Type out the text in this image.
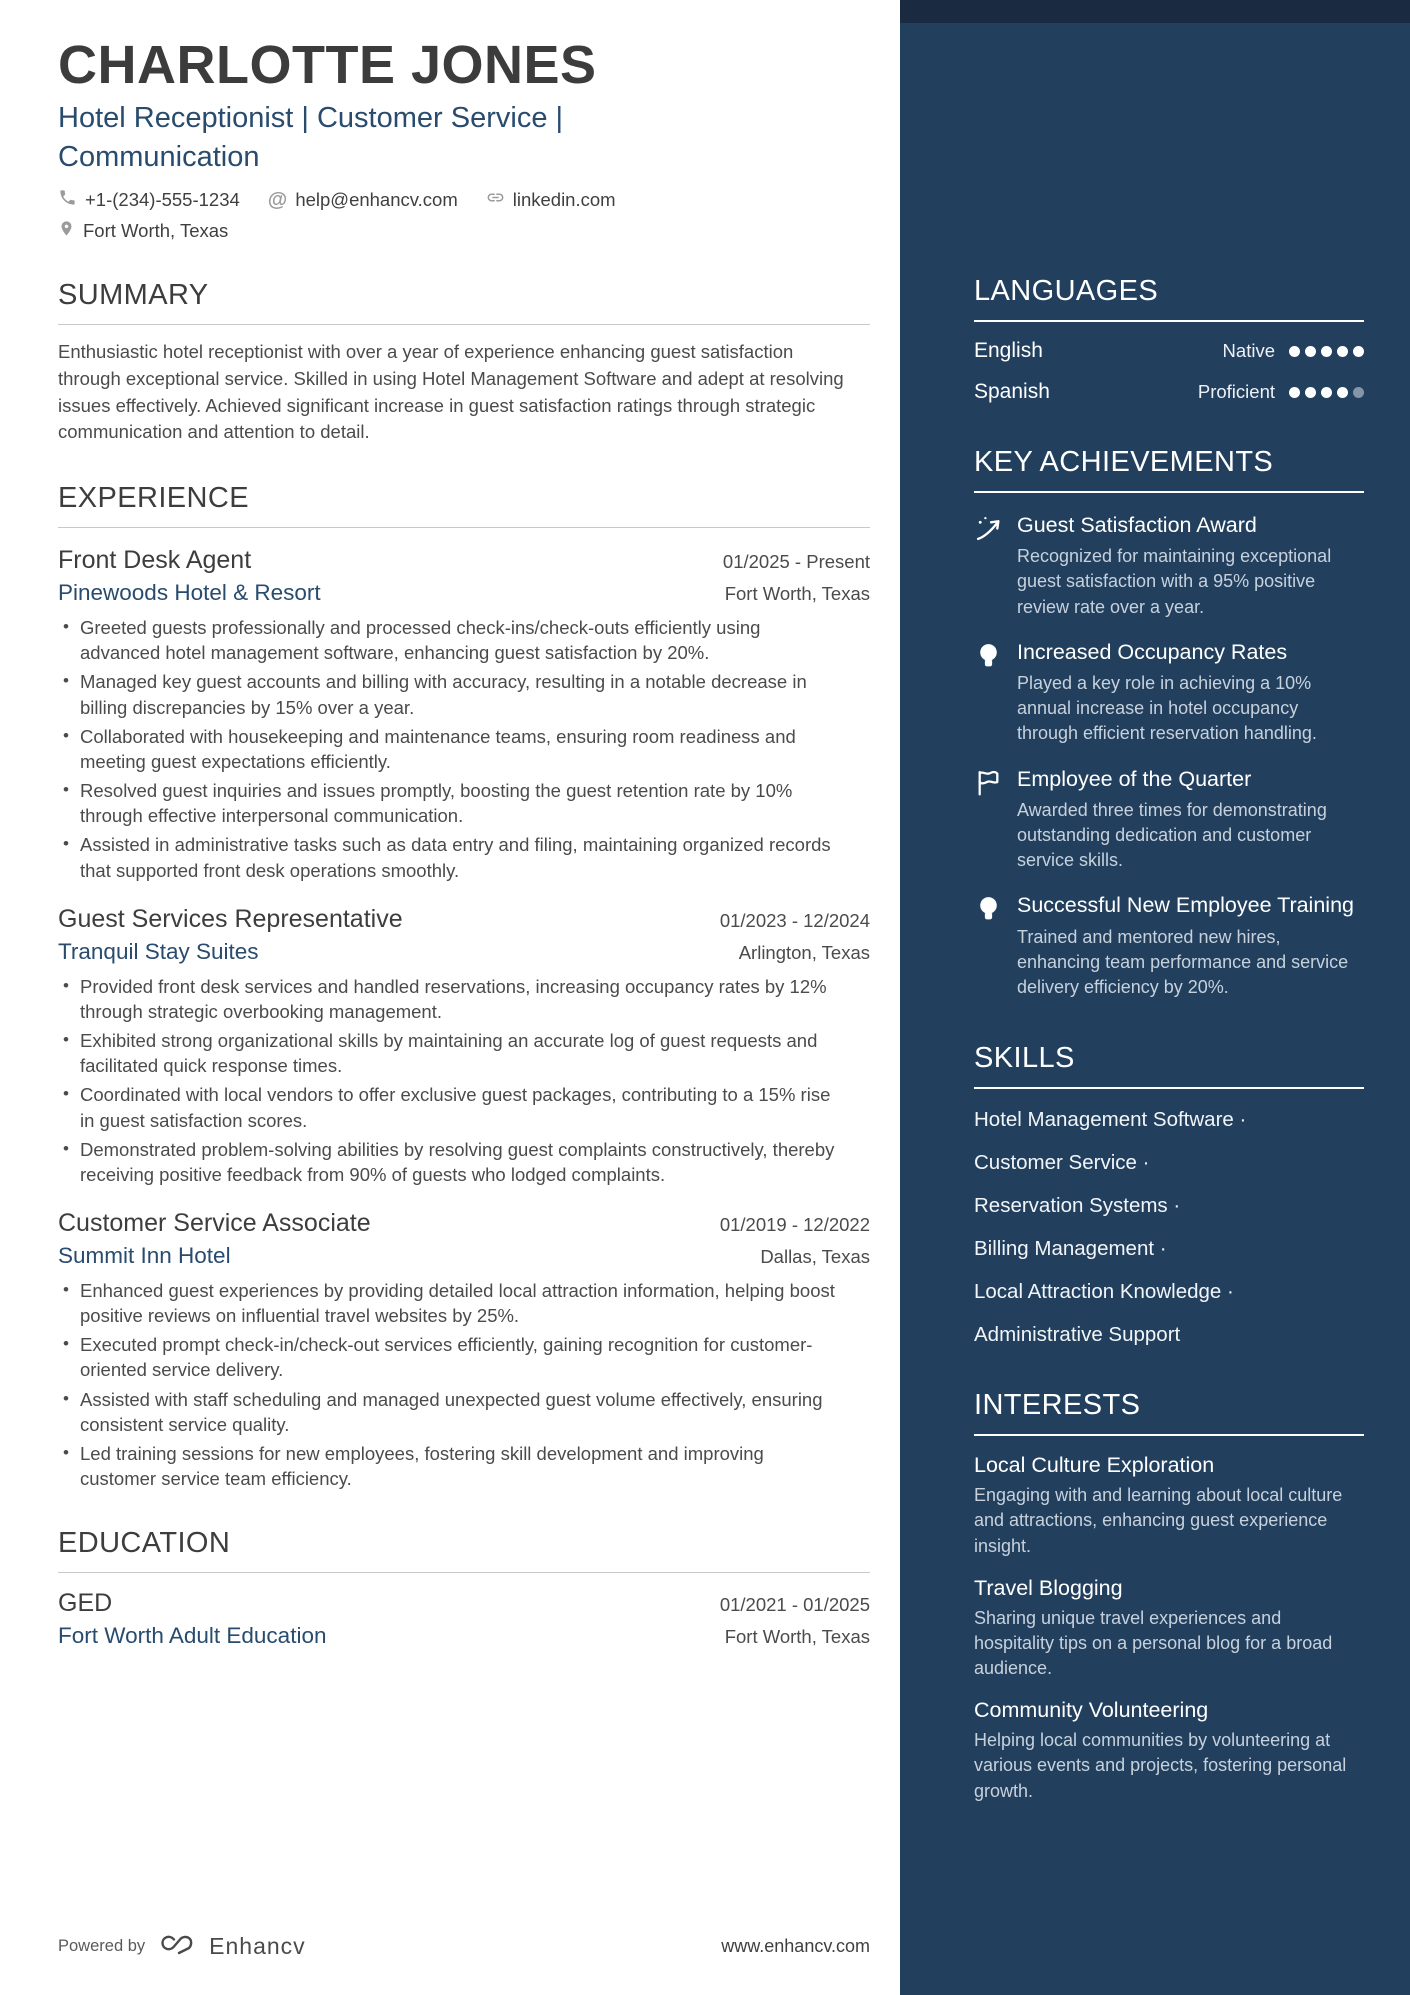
CHARLOTTE JONES
Hotel Receptionist | Customer Service | Communication
+1-(234)-555-1234 @ help@enhancv.com	linkedin.com
Fort Worth, Texas
SUMMARY

Enthusiastic hotel receptionist with over a year of experience enhancing guest satisfaction through exceptional service. Skilled in using Hotel Management Software and adept at resolving issues effectively. Achieved significant increase in guest satisfaction ratings through strategic communication and attention to detail.

EXPERIENCE
Front Desk Agent	01/2025 - Present
Pinewoods Hotel & Resort	Fort Worth, Texas
• Greeted guests professionally and processed check-ins/check-outs efficiently using advanced hotel management software, enhancing guest satisfaction by 20%.
• Managed key guest accounts and billing with accuracy, resulting in a notable decrease in billing discrepancies by 15% over a year.
• Collaborated with housekeeping and maintenance teams, ensuring room readiness and meeting guest expectations efficiently.
• Resolved guest inquiries and issues promptly, boosting the guest retention rate by 10% through effective interpersonal communication.
• Assisted in administrative tasks such as data entry and filing, maintaining organized records that supported front desk operations smoothly.
Guest Services Representative	01/2023 - 12/2024
Tranquil Stay Suites	Arlington, Texas
• Provided front desk services and handled reservations, increasing occupancy rates by 12% through strategic overbooking management.
• Exhibited strong organizational skills by maintaining an accurate log of guest requests and facilitated quick response times.
• Coordinated with local vendors to offer exclusive guest packages, contributing to a 15% rise in guest satisfaction scores.
• Demonstrated problem-solving abilities by resolving guest complaints constructively, thereby receiving positive feedback from 90% of guests who lodged complaints.
Customer Service Associate	01/2019 - 12/2022
Summit Inn Hotel	Dallas, Texas
• Enhanced guest experiences by providing detailed local attraction information, helping boost positive reviews on influential travel websites by 25%.
• Executed prompt check-in/check-out services efficiently, gaining recognition for customer-oriented service delivery.
• Assisted with staff scheduling and managed unexpected guest volume effectively, ensuring consistent service quality.
• Led training sessions for new employees, fostering skill development and improving customer service team efficiency.
EDUCATION
GED	01/2021 - 01/2025
Fort Worth Adult Education	Fort Worth, Texas
Powered by	Enhancv	www.enhancv.com
LANGUAGES
English	Native
Spanish	Proficient
KEY ACHIEVEMENTS
Guest Satisfaction Award
Recognized for maintaining exceptional guest satisfaction with a 95% positive review rate over a year.
Increased Occupancy Rates
Played a key role in achieving a 10% annual increase in hotel occupancy through efficient reservation handling.
Employee of the Quarter
Awarded three times for demonstrating outstanding dedication and customer service skills.
Successful New Employee Training
Trained and mentored new hires, enhancing team performance and service delivery efficiency by 20%.
SKILLS
Hotel Management Software ·
Customer Service ·
Reservation Systems ·
Billing Management ·
Local Attraction Knowledge ·
Administrative Support
INTERESTS
Local Culture Exploration
Engaging with and learning about local culture and attractions, enhancing guest experience insight.
Travel Blogging
Sharing unique travel experiences and hospitality tips on a personal blog for a broad audience.
Community Volunteering
Helping local communities by volunteering at various events and projects, fostering personal growth.
